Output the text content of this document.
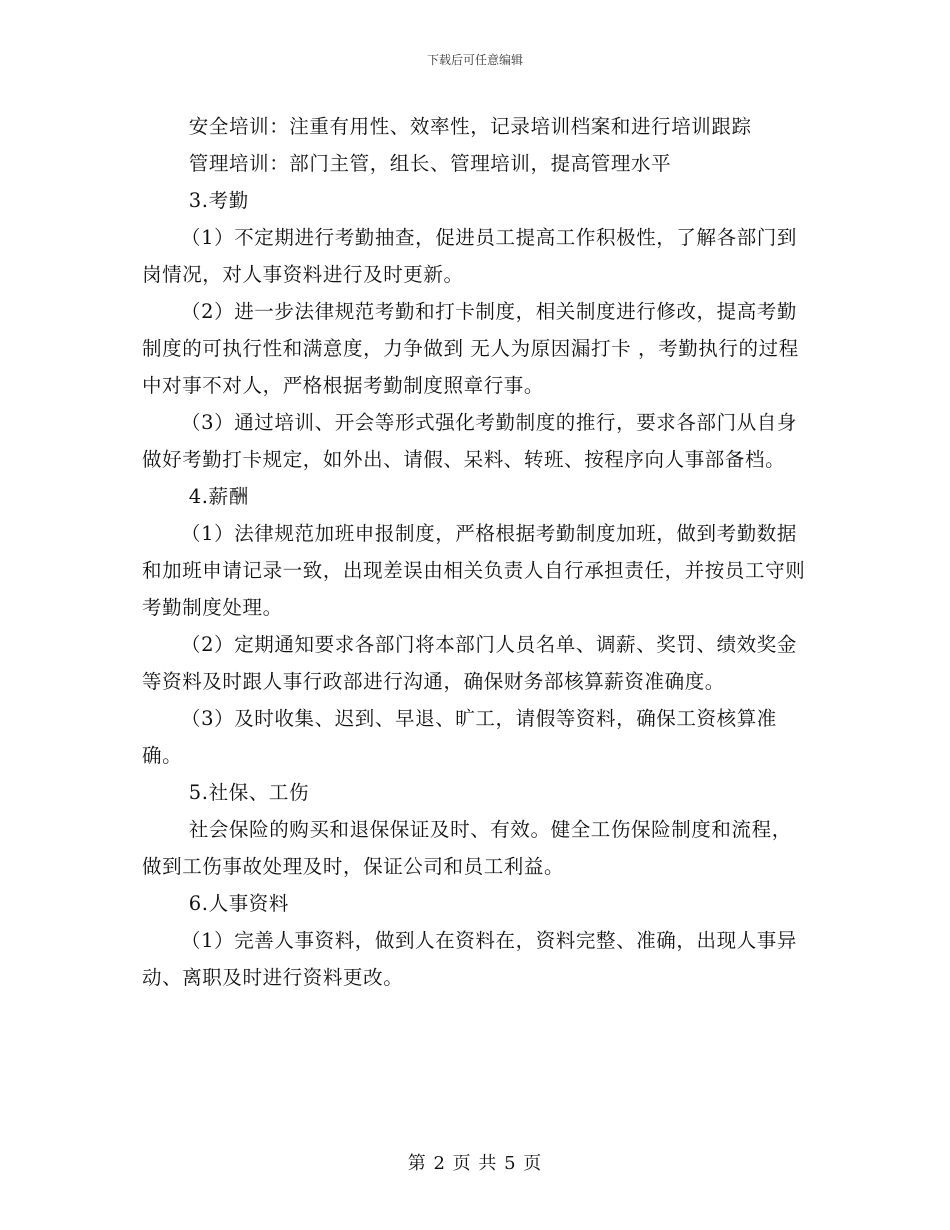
下载后可任意编辑

安全培训：注重有用性、效率性，记录培训档案和进行培训跟踪

管理培训：部门主管，组长、管理培训，提高管理水平

3.考勤

（1）不定期进行考勤抽查，促进员工提高工作积极性，了解各部门到岗情况，对人事资料进行及时更新。

（2）进一步法律规范考勤和打卡制度，相关制度进行修改，提高考勤制度的可执行性和满意度，力争做到 无人为原因漏打卡 ，考勤执行的过程中对事不对人，严格根据考勤制度照章行事。

（3）通过培训、开会等形式强化考勤制度的推行，要求各部门从自身做好考勤打卡规定，如外出、请假、呆料、转班、按程序向人事部备档。

4.薪酬

（1）法律规范加班申报制度，严格根据考勤制度加班，做到考勤数据和加班申请记录一致，出现差误由相关负责人自行承担责任，并按员工守则考勤制度处理。

（2）定期通知要求各部门将本部门人员名单、调薪、奖罚、绩效奖金等资料及时跟人事行政部进行沟通，确保财务部核算薪资准确度。

（3）及时收集、迟到、早退、旷工，请假等资料，确保工资核算准确。

5.社保、工伤

社会保险的购买和退保保证及时、有效。健全工伤保险制度和流程，做到工伤事故处理及时，保证公司和员工利益。

6.人事资料

（1）完善人事资料，做到人在资料在，资料完整、准确，出现人事异动、离职及时进行资料更改。

第 2 页 共 5 页
